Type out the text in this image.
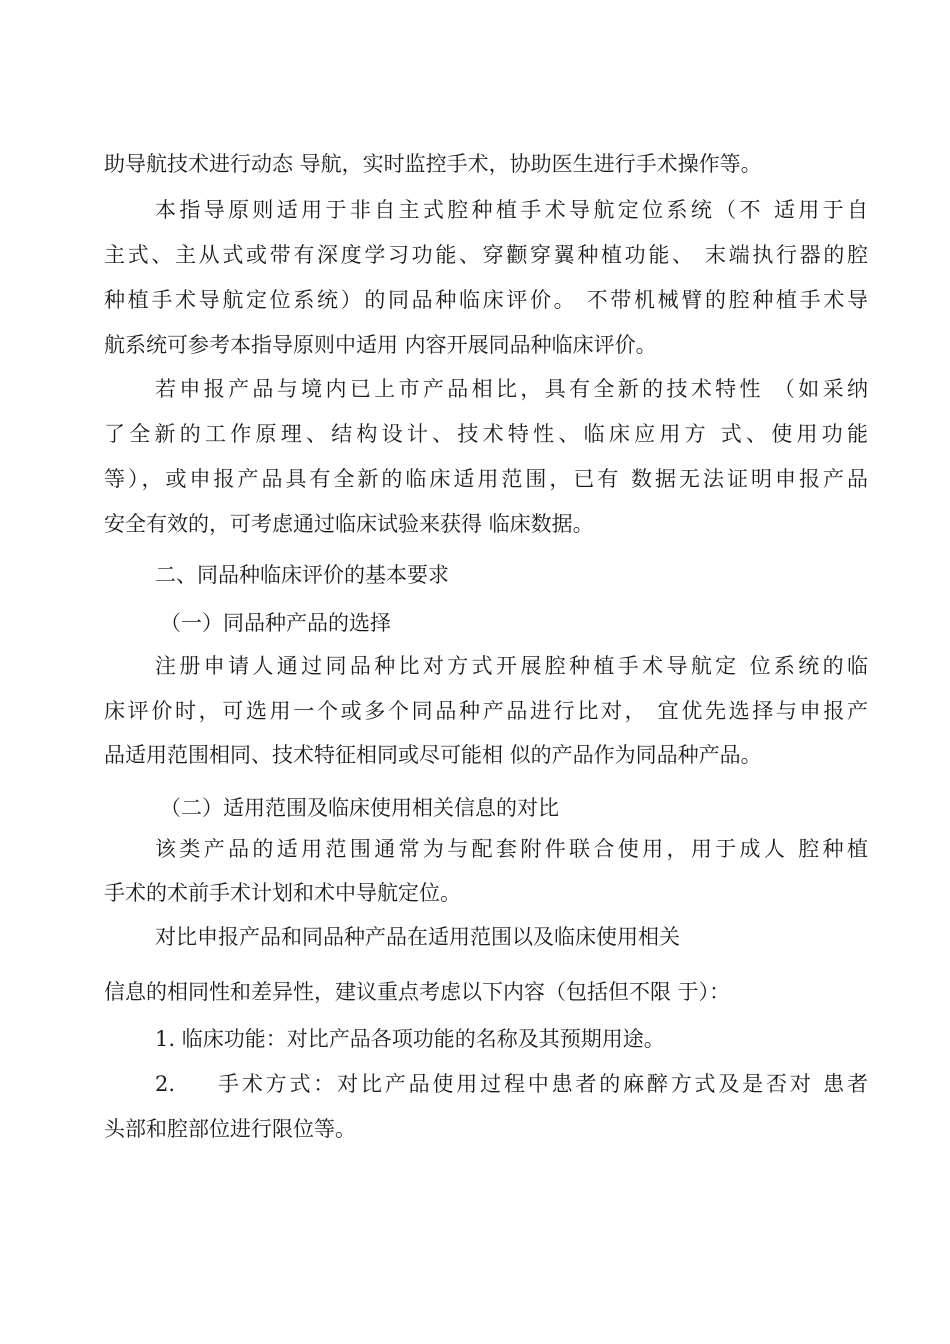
助导航技术进行动态 导航，实时监控手术，协助医生进行手术操作等。
本指导原则适用于非自主式腔种植手术导航定位系统（不 适用于自
主式、主从式或带有深度学习功能、穿颧穿翼种植功能、 末端执行器的腔
种植手术导航定位系统）的同品种临床评价。 不带机械臂的腔种植手术导
航系统可参考本指导原则中适用 内容开展同品种临床评价。
若申报产品与境内已上市产品相比，具有全新的技术特性 （如采纳
了全新的工作原理、结构设计、技术特性、临床应用方 式、使用功能
等），或申报产品具有全新的临床适用范围，已有 数据无法证明申报产品
安全有效的，可考虑通过临床试验来获得 临床数据。
二、同品种临床评价的基本要求
（一）同品种产品的选择
注册申请人通过同品种比对方式开展腔种植手术导航定 位系统的临
床评价时，可选用一个或多个同品种产品进行比对， 宜优先选择与申报产
品适用范围相同、技术特征相同或尽可能相 似的产品作为同品种产品。
（二）适用范围及临床使用相关信息的对比
该类产品的适用范围通常为与配套附件联合使用，用于成人 腔种植
手术的术前手术计划和术中导航定位。
对比申报产品和同品种产品在适用范围以及临床使用相关
信息的相同性和差异性，建议重点考虑以下内容（包括但不限 于）：
1. 临床功能：对比产品各项功能的名称及其预期用途。
2.	手术方式：对比产品使用过程中患者的麻醉方式及是否对 患者
头部和腔部位进行限位等。
